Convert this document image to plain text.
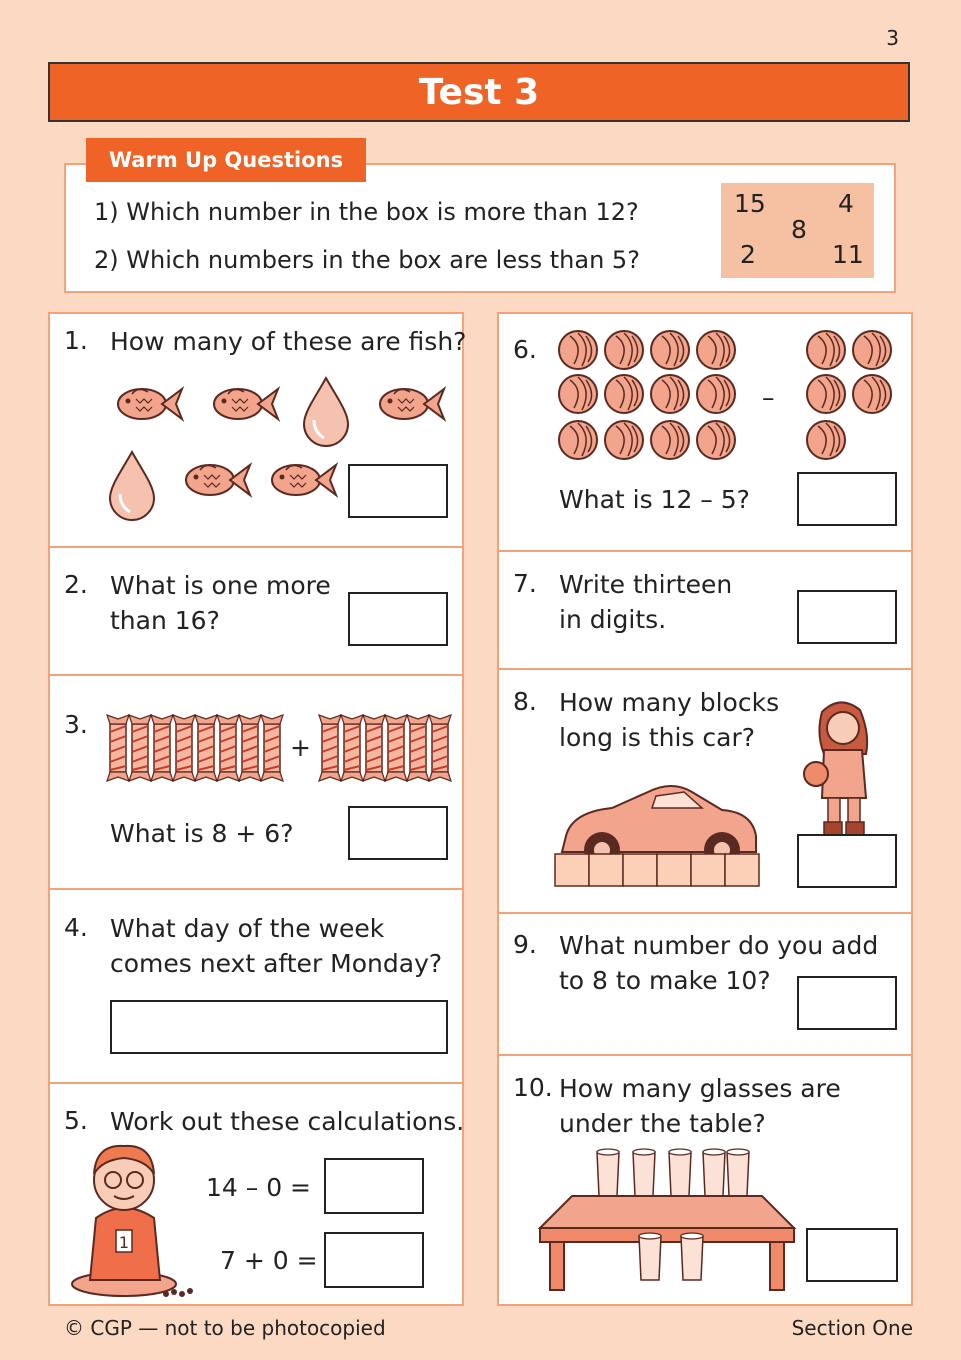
3
Test 3
Warm Up Questions
1) Which number in the box is more than 12?
2) Which numbers in the box are less than 5?
15	4
8
2	11
1. How many of these are fish?
2. What is one more
than 16?
3.
+
What is 8 + 6?
4. What day of the week
comes next after Monday?
5. Work out these calculations.
1
14 – 0 =
7 + 0 =
6.
–
What is 12 – 5?
7. Write thirteen
in digits.
8. How many blocks
long is this car?
9. What number do you add
to 8 to make 10?
10. How many glasses are
under the table?
© CGP — not to be photocopied	Section One
